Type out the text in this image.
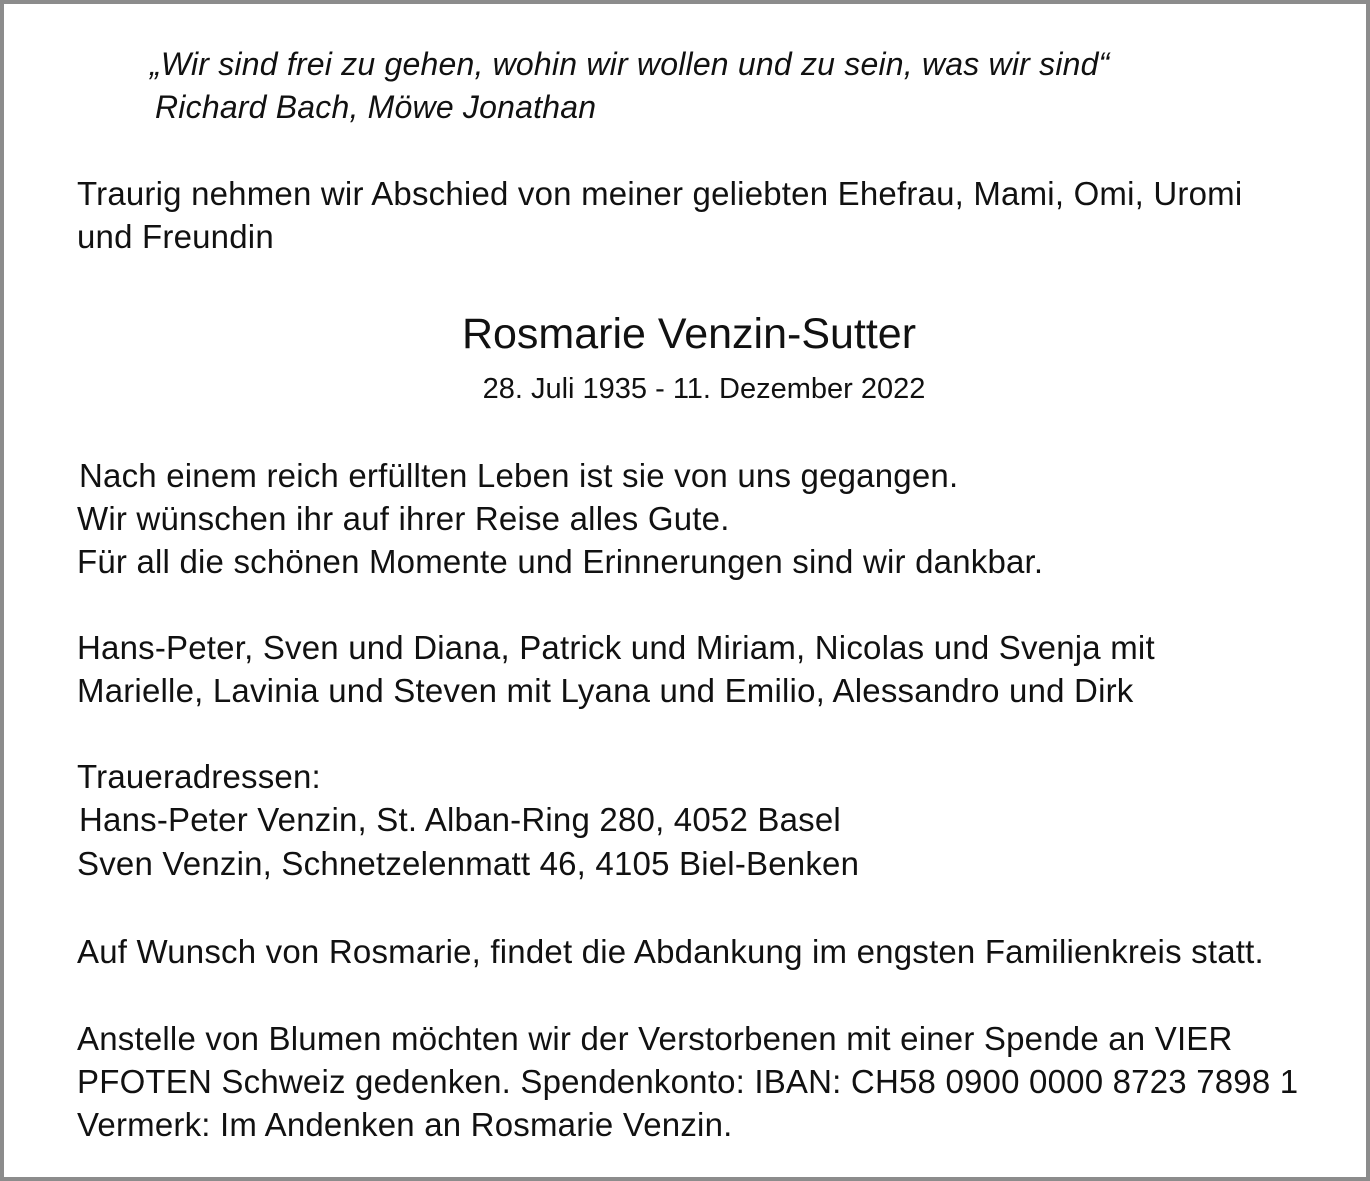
„Wir sind frei zu gehen, wohin wir wollen und zu sein, was wir sind“
Richard Bach, Möwe Jonathan
Traurig nehmen wir Abschied von meiner geliebten Ehefrau, Mami, Omi, Uromi
und Freundin
Rosmarie Venzin-Sutter
28. Juli 1935 - 11. Dezember 2022
Nach einem reich erfüllten Leben ist sie von uns gegangen.
Wir wünschen ihr auf ihrer Reise alles Gute.
Für all die schönen Momente und Erinnerungen sind wir dankbar.
Hans-Peter, Sven und Diana, Patrick und Miriam, Nicolas und Svenja mit
Marielle, Lavinia und Steven mit Lyana und Emilio, Alessandro und Dirk
Traueradressen:
Hans-Peter Venzin, St. Alban-Ring 280, 4052 Basel
Sven Venzin, Schnetzelenmatt 46, 4105 Biel-Benken
Auf Wunsch von Rosmarie, findet die Abdankung im engsten Familienkreis statt.
Anstelle von Blumen möchten wir der Verstorbenen mit einer Spende an VIER
PFOTEN Schweiz gedenken. Spendenkonto: IBAN: CH58 0900 0000 8723 7898 1
Vermerk: Im Andenken an Rosmarie Venzin.
